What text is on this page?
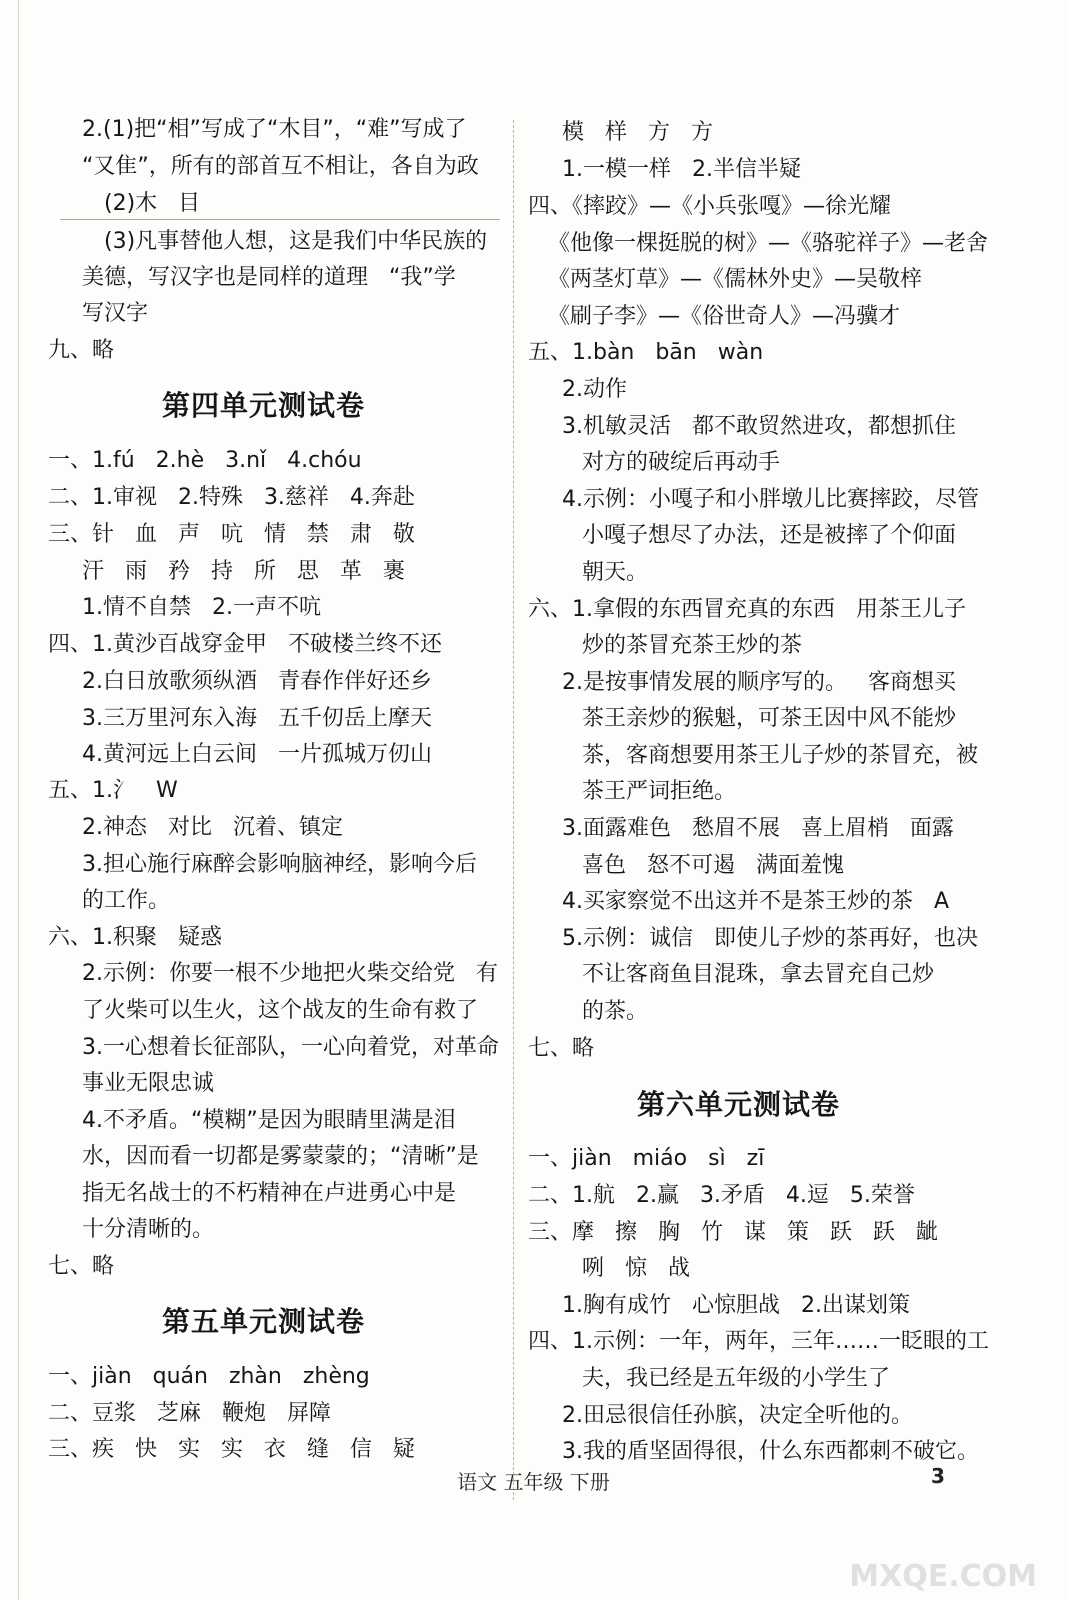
2.(1)把“相”写成了“木目”，“难”写成了
“又隹”，所有的部首互不相让，各自为政
(2)木   目
(3)凡事替他人想，这是我们中华民族的
美德，写汉字也是同样的道理   “我”学
写汉字
九、略
第四单元测试卷
一、1.fú   2.hè   3.nǐ   4.chóu
二、1.审视   2.特殊   3.慈祥   4.奔赴
三、针   血   声   吭   情   禁   肃   敬
汗   雨   矜   持   所   思   革   裹
1.情不自禁   2.一声不吭
四、1.黄沙百战穿金甲   不破楼兰终不还
2.白日放歌须纵酒   青春作伴好还乡
3.三万里河东入海   五千仞岳上摩天
4.黄河远上白云间   一片孤城万仞山
五、1.氵   W
2.神态   对比   沉着、镇定
3.担心施行麻醉会影响脑神经，影响今后
的工作。
六、1.积聚   疑惑
2.示例：你要一根不少地把火柴交给党   有
了火柴可以生火，这个战友的生命有救了
3.一心想着长征部队，一心向着党，对革命
事业无限忠诚
4.不矛盾。“模糊”是因为眼睛里满是泪
水，因而看一切都是雾蒙蒙的；“清晰”是
指无名战士的不朽精神在卢进勇心中是
十分清晰的。
七、略
第五单元测试卷
一、jiàn   quán   zhàn   zhèng
二、豆浆   芝麻   鞭炮   屏障
三、疾   快   实   实   衣   缝   信   疑
模   样   方   方
1.一模一样   2.半信半疑
四、《摔跤》—《小兵张嘎》—徐光耀
《他像一棵挺脱的树》—《骆驼祥子》—老舍
《两茎灯草》—《儒林外史》—吴敬梓
《刷子李》—《俗世奇人》—冯骥才
五、1.bàn   bān   wàn
2.动作
3.机敏灵活   都不敢贸然进攻，都想抓住
对方的破绽后再动手
4.示例：小嘎子和小胖墩儿比赛摔跤，尽管
小嘎子想尽了办法，还是被摔了个仰面
朝天。
六、1.拿假的东西冒充真的东西   用茶王儿子
炒的茶冒充茶王炒的茶
2.是按事情发展的顺序写的。   客商想买
茶王亲炒的猴魁，可茶王因中风不能炒
茶，客商想要用茶王儿子炒的茶冒充，被
茶王严词拒绝。
3.面露难色   愁眉不展   喜上眉梢   面露
喜色   怒不可遏   满面羞愧
4.买家察觉不出这并不是茶王炒的茶   A
5.示例：诚信   即使儿子炒的茶再好，也决
不让客商鱼目混珠，拿去冒充自己炒
的茶。
七、略
第六单元测试卷
一、jiàn   miáo   sì   zī
二、1.航   2.赢   3.矛盾   4.逗   5.荣誉
三、摩   擦   胸   竹   谋   策   跃   跃   龇
咧   惊   战
1.胸有成竹   心惊胆战   2.出谋划策
四、1.示例：一年，两年，三年……一眨眼的工
夫，我已经是五年级的小学生了
2.田忌很信任孙膑，决定全听他的。
3.我的盾坚固得很，什么东西都刺不破它。
语文 五年级 下册	3
MXQE.COM
